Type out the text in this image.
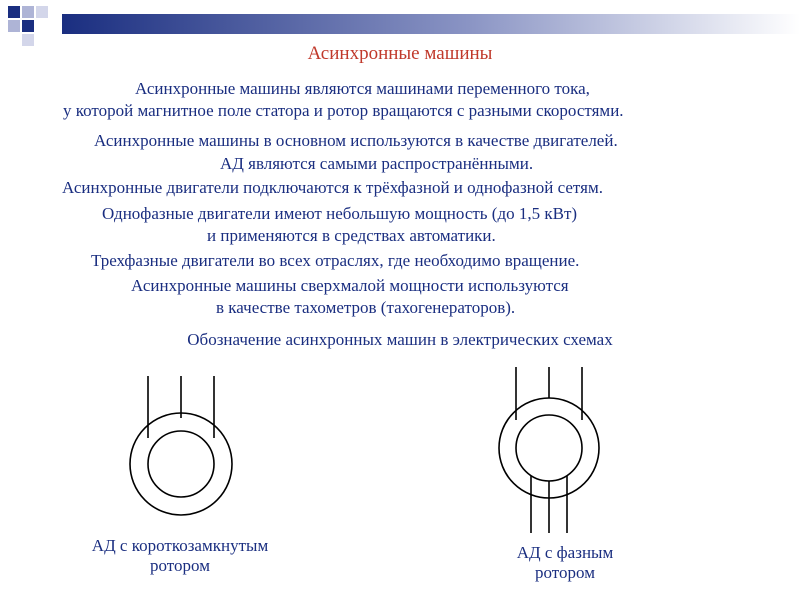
Асинхронные машины
Асинхронные машины являются машинами переменного тока,
у которой магнитное поле статора и ротор вращаются с разными скоростями.
Асинхронные машины в основном используются в качестве двигателей.
АД являются самыми распространёнными.
Асинхронные двигатели подключаются к трёхфазной и однофазной сетям.
Однофазные двигатели имеют небольшую мощность (до 1,5 кВт)
и применяются в средствах автоматики.
Трехфазные двигатели во всех отраслях, где необходимо вращение.
Асинхронные машины сверхмалой мощности используются
в качестве тахометров (тахогенераторов).
Обозначение асинхронных машин в электрических схемах
АД с короткозамкнутым
ротором
АД с фазным
ротором
